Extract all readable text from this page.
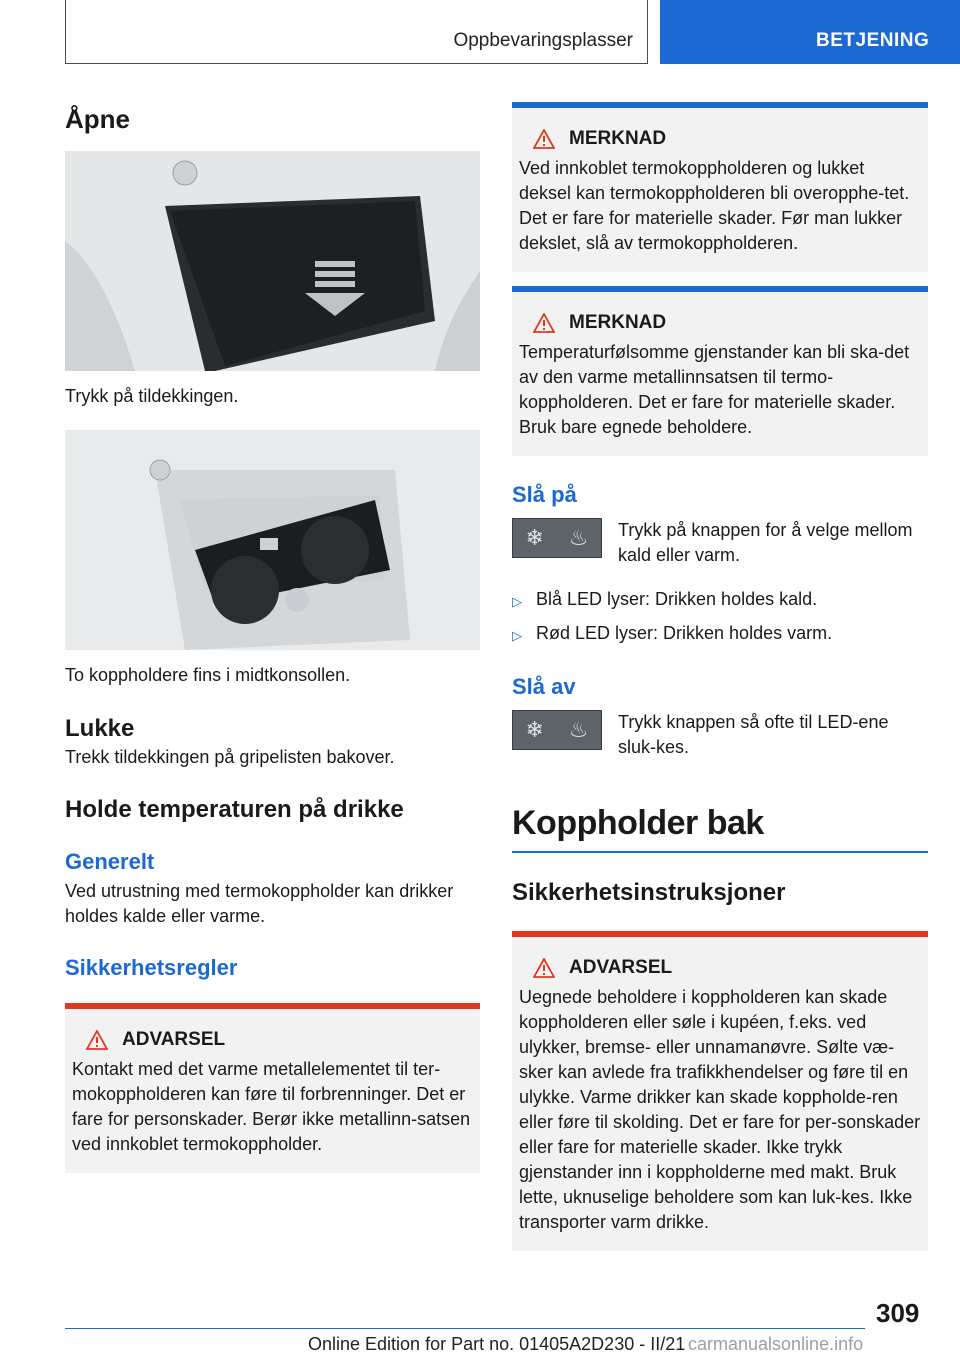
Oppbevaringsplasser	BETJENING
Åpne

Trykk på tildekkingen.

To koppholdere fins i midtkonsollen.

Lukke

Trekk tildekkingen på gripelisten bakover.

Holde temperaturen på drikke
Generelt

Ved utrustning med termokoppholder kan drikker holdes kalde eller varme.

Sikkerhetsregler
ADVARSEL

Kontakt med det varme metallelementet til ter‐mokoppholderen kan føre til forbrenninger. Det er fare for personskader. Berør ikke metallinn‐satsen ved innkoblet termokoppholder.

MERKNAD

Ved innkoblet termokoppholderen og lukket deksel kan termokoppholderen bli overopphe‐tet. Det er fare for materielle skader. Før man lukker dekslet, slå av termokoppholderen.

MERKNAD

Temperaturfølsomme gjenstander kan bli ska‐det av den varme metallinnsatsen til termo‐koppholderen. Det er fare for materielle skader. Bruk bare egnede beholdere.

Slå på
❄ ♨ Trykk på knappen for å velge mellom kald eller varm.

▷ Blå LED lyser: Drikken holdes kald.
▷ Rød LED lyser: Drikken holdes varm.
Slå av
❄ ♨ Trykk knappen så ofte til LED-ene sluk‐kes.

Koppholder bak
Sikkerhetsinstruksjoner
ADVARSEL

Uegnede beholdere i koppholderen kan skade koppholderen eller søle i kupéen, f.eks. ved ulykker, bremse- eller unnamanøvre. Sølte væ‐sker kan avlede fra trafikkhendelser og føre til en ulykke. Varme drikker kan skade koppholde‐ren eller føre til skolding. Det er fare for per‐sonskader eller fare for materielle skader. Ikke trykk gjenstander inn i koppholderne med makt. Bruk lette, uknuselige beholdere som kan luk‐kes. Ikke transporter varm drikke.

309
Online Edition for Part no. 01405A2D230 - II/21 carmanualsonline.info
